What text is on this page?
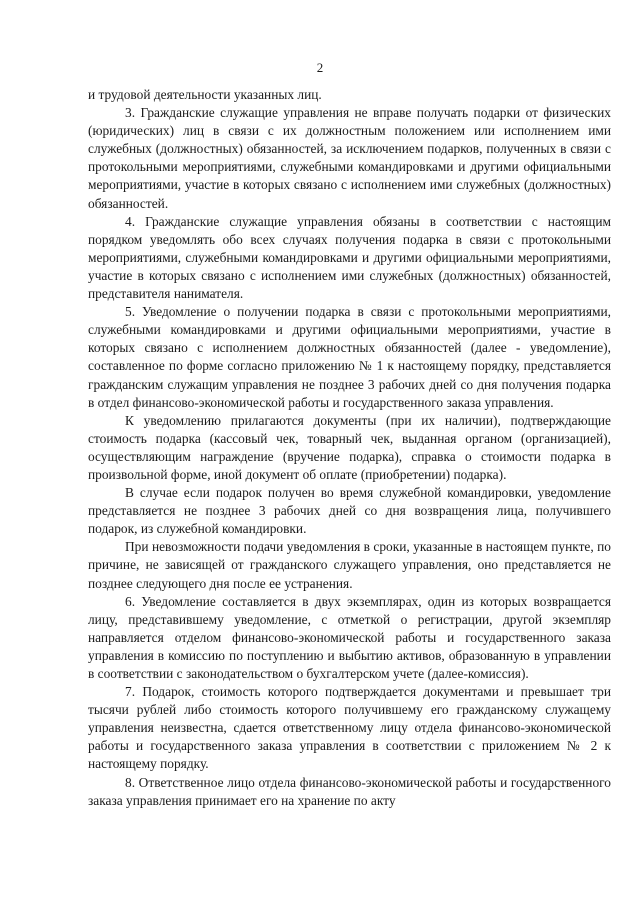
2

и трудовой деятельности указанных лиц.

3. Гражданские служащие управления не вправе получать подарки от физических (юридических) лиц в связи с их должностным положением или исполнением ими служебных (должностных) обязанностей, за исключением подарков, полученных в связи с протокольными мероприятиями, служебными командировками и другими официальными мероприятиями, участие в которых связано с исполнением ими служебных (должностных) обязанностей.

4. Гражданские служащие управления обязаны в соответствии с настоящим порядком уведомлять обо всех случаях получения подарка в связи с протокольными мероприятиями, служебными командировками и другими официальными мероприятиями, участие в которых связано с исполнением ими служебных (должностных) обязанностей, представителя нанимателя.

5. Уведомление о получении подарка в связи с протокольными мероприятиями, служебными командировками и другими официальными мероприятиями, участие в которых связано с исполнением должностных обязанностей (далее - уведомление), составленное по форме согласно приложению № 1 к настоящему порядку, представляется гражданским служащим управления не позднее 3 рабочих дней со дня получения подарка в отдел финансово-экономической работы и государственного заказа управления.

К уведомлению прилагаются документы (при их наличии), подтверждающие стоимость подарка (кассовый чек, товарный чек, выданная органом (организацией), осуществляющим награждение (вручение подарка), справка о стоимости подарка в произвольной форме, иной документ об оплате (приобретении) подарка).

В случае если подарок получен во время служебной командировки, уведомление представляется не позднее 3 рабочих дней со дня возвращения лица, получившего подарок, из служебной командировки.

При невозможности подачи уведомления в сроки, указанные в настоящем пункте, по причине, не зависящей от гражданского служащего управления, оно представляется не позднее следующего дня после ее устранения.

6. Уведомление составляется в двух экземплярах, один из которых возвращается лицу, представившему уведомление, с отметкой о регистрации, другой экземпляр направляется отделом финансово-экономической работы и государственного заказа управления в комиссию по поступлению и выбытию активов, образованную в управлении в соответствии с законодательством о бухгалтерском учете (далее-комиссия).

7. Подарок, стоимость которого подтверждается документами и превышает три тысячи рублей либо стоимость которого получившему его гражданскому служащему управления неизвестна, сдается ответственному лицу отдела финансово-экономической работы и государственного заказа управления в соответствии с приложением № 2 к настоящему порядку.

8. Ответственное лицо отдела финансово-экономической работы и государственного заказа управления принимает его на хранение по акту
